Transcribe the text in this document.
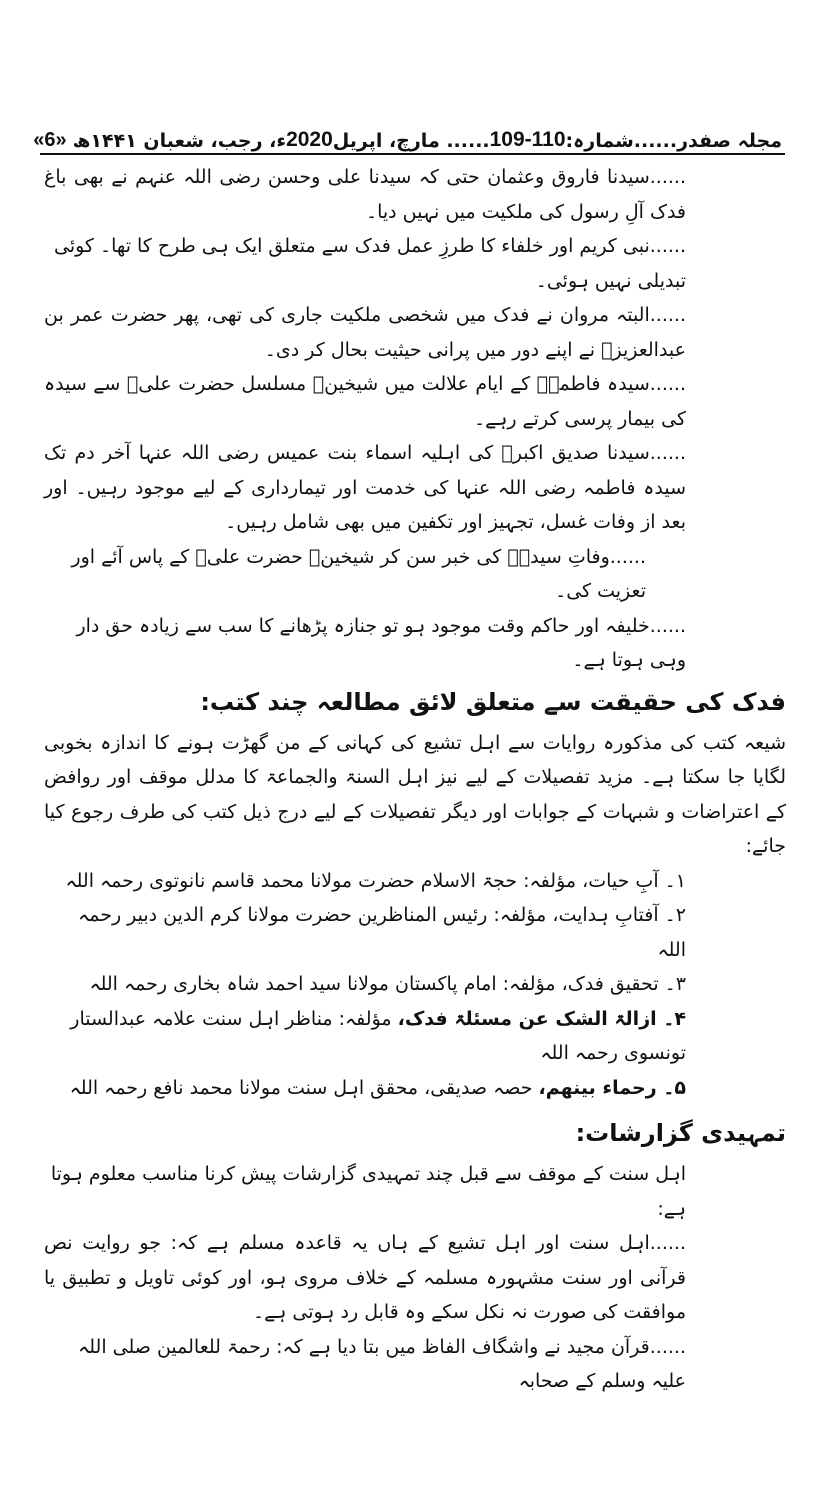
مجلہ صفدر......شمارہ:
109-110
...... مارچ، اپریل
2020
ء، رجب، شعبان ۱۴۴۱ھ
«6»

......سیدنا فاروق وعثمان حتی کہ سیدنا علی وحسن رضی اللہ عنہم نے بھی باغ فدک آلِ رسول کی ملکیت میں نہیں دیا۔

......نبی کریم اور خلفاء کا طرزِ عمل فدک سے متعلق ایک ہی طرح کا تھا۔ کوئی تبدیلی نہیں ہوئی۔

......البتہ مروان نے فدک میں شخصی ملکیت جاری کی تھی، پھر حضرت عمر بن عبدالعزیزؒ نے اپنے دور میں پرانی حیثیت بحال کر دی۔

......سیدہ فاطمہؓ کے ایام علالت میں شیخینؓ مسلسل حضرت علیؓ سے سیدہ کی بیمار پرسی کرتے رہے۔

......سیدنا صدیق اکبرؓ کی اہلیہ اسماء بنت عمیس رضی اللہ عنہا آخر دم تک سیدہ فاطمہ رضی اللہ عنہا کی خدمت اور تیمارداری کے لیے موجود رہیں۔ اور بعد از وفات غسل، تجہیز اور تکفین میں بھی شامل رہیں۔

......وفاتِ سیدہؓ کی خبر سن کر شیخینؓ حضرت علیؓ کے پاس آئے اور تعزیت کی۔

......خلیفہ اور حاکم وقت موجود ہو تو جنازہ پڑھانے کا سب سے زیادہ حق دار وہی ہوتا ہے۔

فدک کی حقیقت سے متعلق لائق مطالعہ چند کتب:

شیعہ کتب کی مذکورہ روایات سے اہل تشیع کی کہانی کے من گھڑت ہونے کا اندازہ بخوبی لگایا جا سکتا ہے۔ مزید تفصیلات کے لیے نیز اہل السنۃ والجماعۃ کا مدلل موقف اور روافض کے اعتراضات و شبہات کے جوابات اور دیگر تفصیلات کے لیے درج ذیل کتب کی طرف رجوع کیا جائے:

۱۔ آبِ حیات، مؤلفہ: حجۃ الاسلام حضرت مولانا محمد قاسم نانوتوی رحمہ اللہ

۲۔ آفتابِ ہدایت، مؤلفہ: رئیس المناظرین حضرت مولانا کرم الدین دبیر رحمہ اللہ

۳۔ تحقیق فدک، مؤلفہ: امام پاکستان مولانا سید احمد شاہ بخاری رحمہ اللہ

۴۔ ازالۃ الشک عن مسئلۃ فدک، مؤلفہ: مناظر اہل سنت علامہ عبدالستار تونسوی رحمہ اللہ

۵۔ رحماء بینھم، حصہ صدیقی، محقق اہل سنت مولانا محمد نافع رحمہ اللہ

تمہیدی گزارشات:

اہل سنت کے موقف سے قبل چند تمہیدی گزارشات پیش کرنا مناسب معلوم ہوتا ہے:

......اہل سنت اور اہل تشیع کے ہاں یہ قاعدہ مسلم ہے کہ: جو روایت نص قرآنی اور سنت مشہورہ مسلمہ کے خلاف مروی ہو، اور کوئی تاویل و تطبیق یا موافقت کی صورت نہ نکل سکے وہ قابل رد ہوتی ہے۔

......قرآن مجید نے واشگاف الفاظ میں بتا دیا ہے کہ: رحمۃ للعالمین صلی اللہ علیہ وسلم کے صحابہ
